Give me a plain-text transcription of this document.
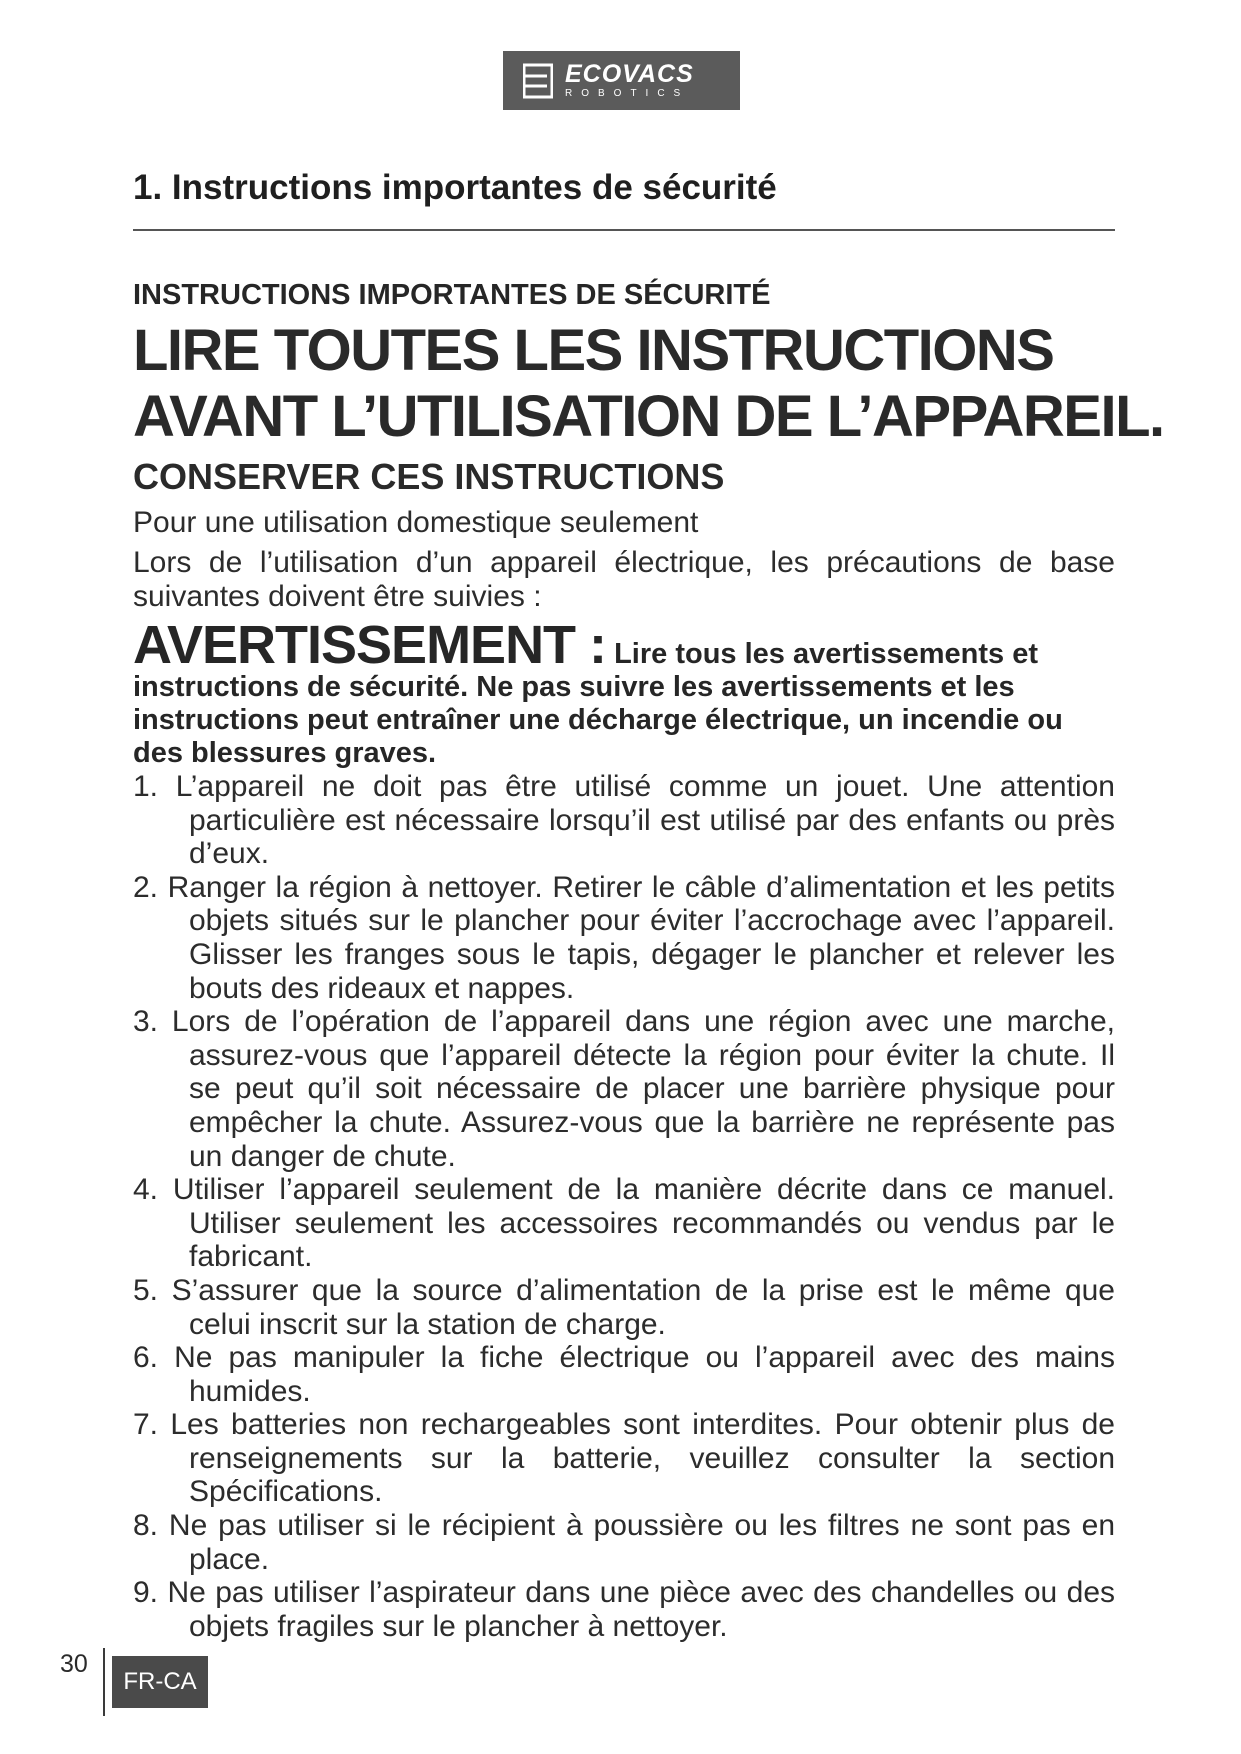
ECOVACS
ROBOTICS
1. Instructions importantes de sécurité

INSTRUCTIONS IMPORTANTES DE SÉCURITÉ

LIRE TOUTES LES INSTRUCTIONS

AVANT L’UTILISATION DE L’APPAREIL.

CONSERVER CES INSTRUCTIONS

Pour une utilisation domestique seulement

Lors de l’utilisation d’un appareil électrique, les précautions de base suivantes doivent être suivies :

AVERTISSEMENT : Lire tous les avertissements et instructions de sécurité. Ne pas suivre les avertissements et les instructions peut entraîner une décharge électrique, un incendie ou des blessures graves.

1. L’appareil ne doit pas être utilisé comme un jouet. Une attention particulière est nécessaire lorsqu’il est utilisé par des enfants ou près d’eux.
2. Ranger la région à nettoyer. Retirer le câble d’alimentation et les petits objets situés sur le plancher pour éviter l’accrochage avec l’appareil. Glisser les franges sous le tapis, dégager le plancher et relever les bouts des rideaux et nappes.
3. Lors de l’opération de l’appareil dans une région avec une marche, assurez-vous que l’appareil détecte la région pour éviter la chute. Il se peut qu’il soit nécessaire de placer une barrière physique pour empêcher la chute. Assurez-vous que la barrière ne représente pas un danger de chute.
4. Utiliser l’appareil seulement de la manière décrite dans ce manuel. Utiliser seulement les accessoires recommandés ou vendus par le fabricant.
5. S’assurer que la source d’alimentation de la prise est le même que celui inscrit sur la station de charge.
6. Ne pas manipuler la fiche électrique ou l’appareil avec des mains humides.
7. Les batteries non rechargeables sont interdites. Pour obtenir plus de renseignements sur la batterie, veuillez consulter la section Spécifications.
8. Ne pas utiliser si le récipient à poussière ou les filtres ne sont pas en place.
9. Ne pas utiliser l’aspirateur dans une pièce avec des chandelles ou des objets fragiles sur le plancher à nettoyer.
30
FR-CA
